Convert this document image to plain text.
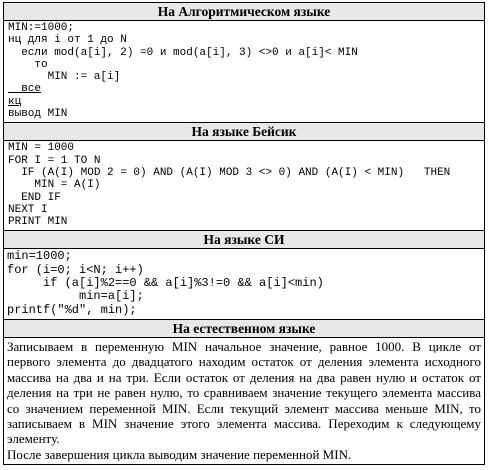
На Алгоритмическом языке

MIN:=1000;
нц для i от 1 до N
если mod(a[i], 2) =0 и mod(a[i], 3) <>0 и a[i]< MIN
то
MIN := a[i]
все
кц
вывод MIN

На языке Бейсик

MIN = 1000
FOR I = 1 TO N
IF (A(I) MOD 2 = 0) AND (A(I) MOD 3 <> 0) AND (A(I) < MIN)   THEN
MIN = A(I)
END IF
NEXT I
PRINT MIN

На языке СИ

min=1000;
for (i=0; i<N; i++)
if (a[i]%2==0 && a[i]%3!=0 && a[i]<min)
min=a[i];
printf("%d", min);

На естественном языке

Записываем в переменную MIN начальное значение, равное 1000. В цикле от первого элемента до двадцатого находим остаток от деления элемента исходного массива на два и на три. Если остаток от деления на два равен нулю и остаток от деления на три не равен нулю, то сравниваем значение текущего элемента массива со значением переменной MIN. Если текущий элемент массива меньше MIN, то записываем в MIN значение этого элемента массива. Переходим к следующему элементу.

После завершения цикла выводим значение переменной MIN.
